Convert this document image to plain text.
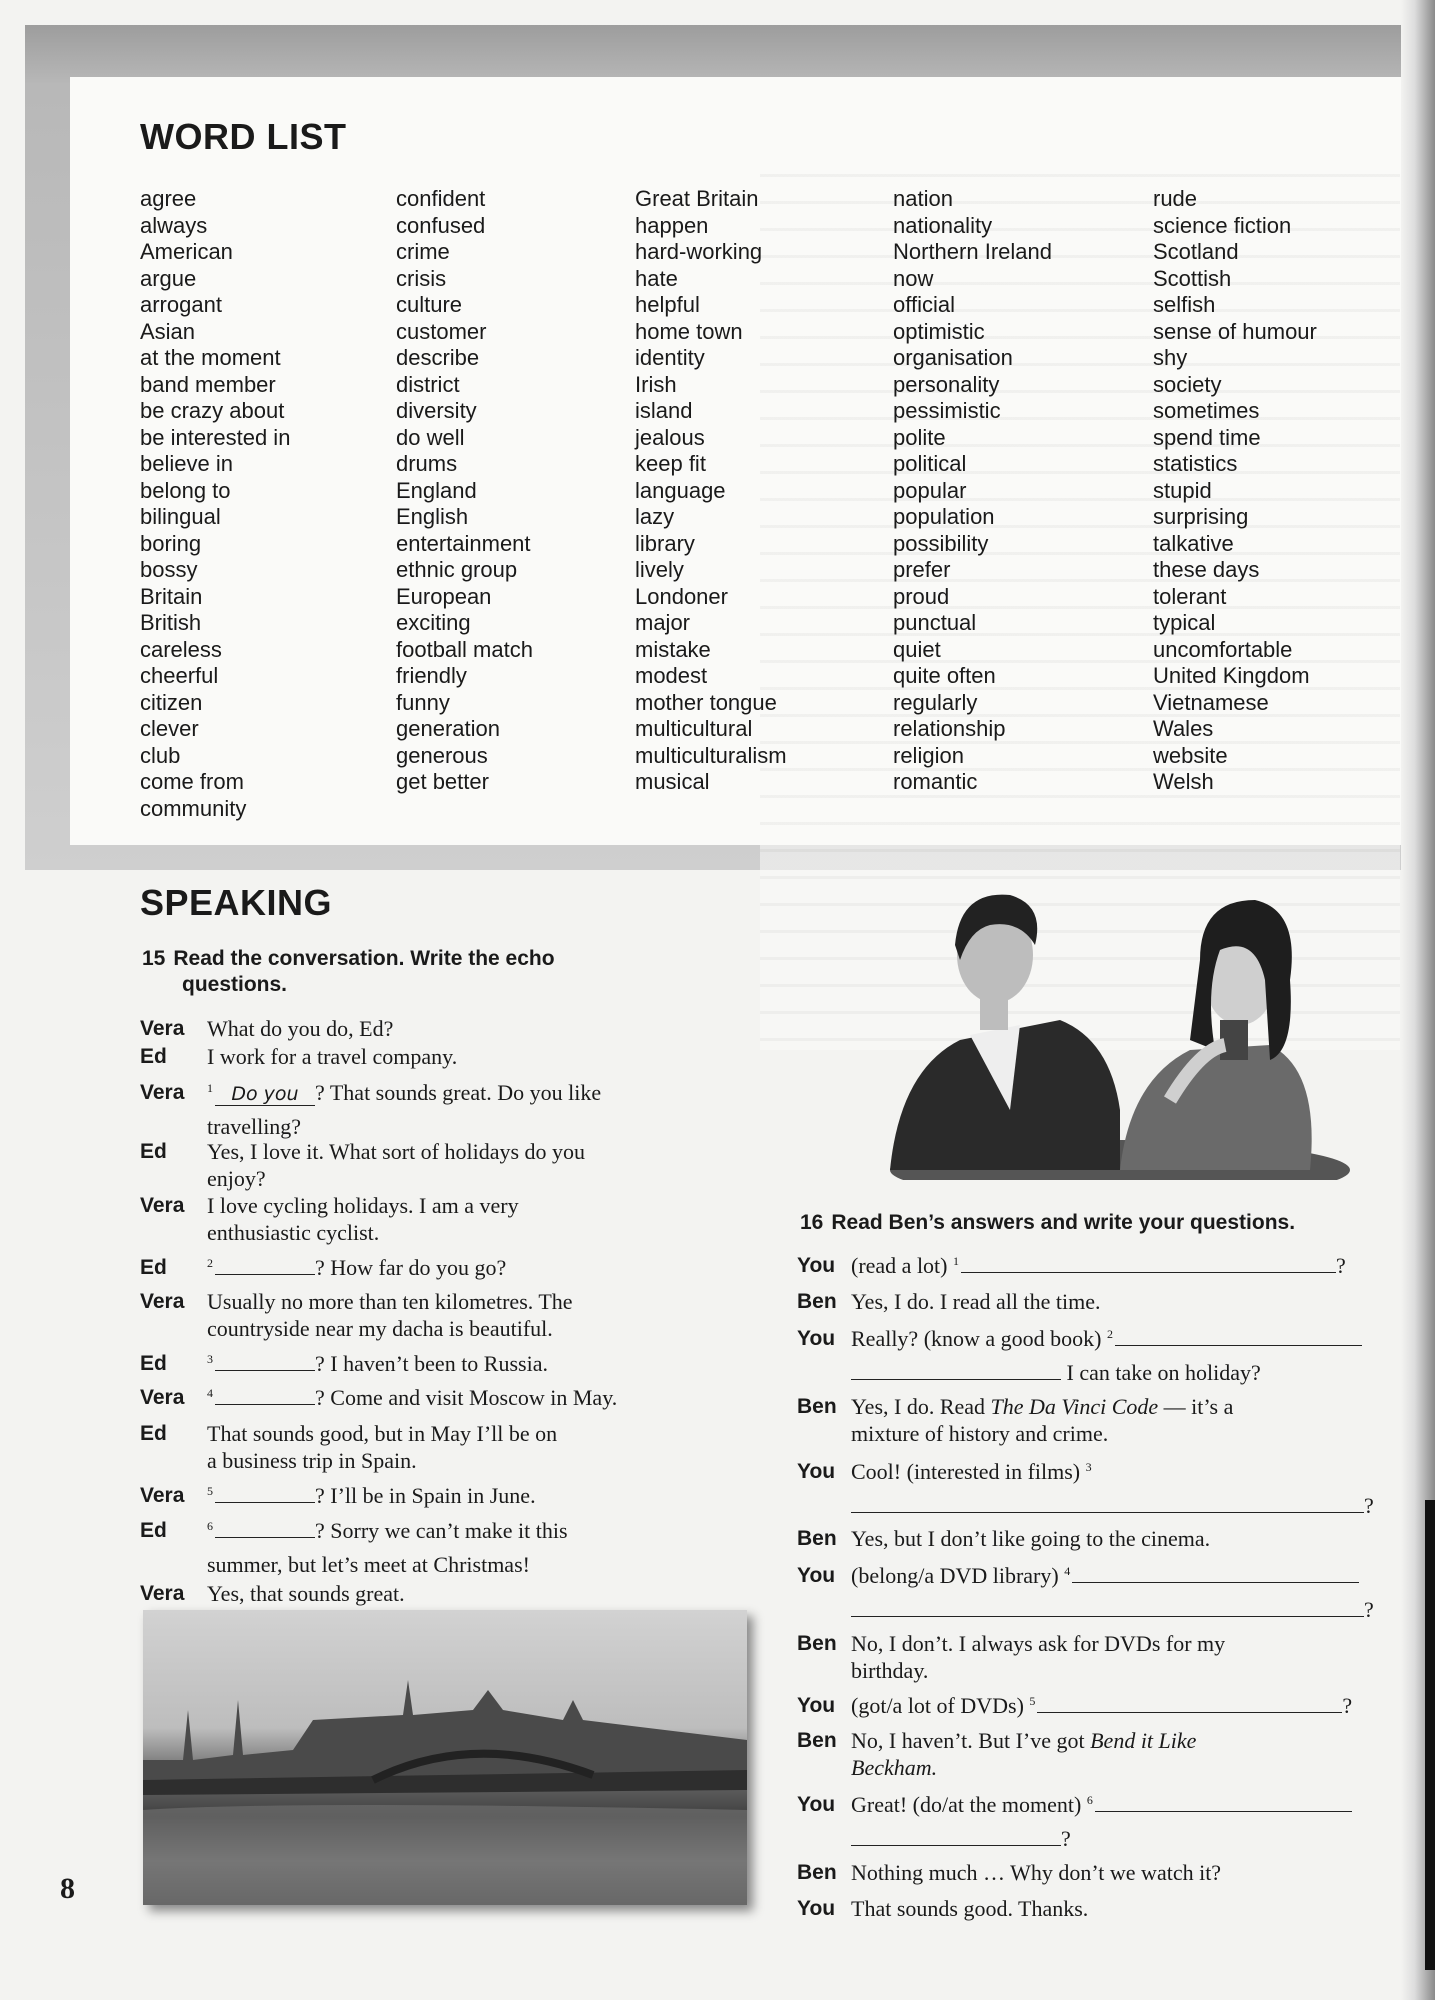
WORD LIST
agree
always
American
argue
arrogant
Asian
at the moment
band member
be crazy about
be interested in
believe in
belong to
bilingual
boring
bossy
Britain
British
careless
cheerful
citizen
clever
club
come from
community
confident
confused
crime
crisis
culture
customer
describe
district
diversity
do well
drums
England
English
entertainment
ethnic group
European
exciting
football match
friendly
funny
generation
generous
get better
Great Britain
happen
hard-working
hate
helpful
home town
identity
Irish
island
jealous
keep fit
language
lazy
library
lively
Londoner
major
mistake
modest
mother tongue
multicultural
multiculturalism
musical
nation
nationality
Northern Ireland
now
official
optimistic
organisation
personality
pessimistic
polite
political
popular
population
possibility
prefer
proud
punctual
quiet
quite often
regularly
relationship
religion
romantic
rude
science fiction
Scotland
Scottish
selfish
sense of humour
shy
society
sometimes
spend time
statistics
stupid
surprising
talkative
these days
tolerant
typical
uncomfortable
United Kingdom
Vietnamese
Wales
website
Welsh
SPEAKING
15 Read the conversation. Write the echo
questions.
Vera	What do you do, Ed?
Ed	I work for a travel company.
Vera	$^1$ Do you ? That sounds great. Do you like
travelling?
Ed	Yes, I love it. What sort of holidays do you
enjoy?
Vera	I love cycling holidays. I am a very
enthusiastic cyclist.
Ed	$^2$	? How far do you go?
Vera	Usually no more than ten kilometres. The
countryside near my dacha is beautiful.
Ed	$^3$	? I haven’t been to Russia.
Vera	$^4$	? Come and visit Moscow in May.
Ed	That sounds good, but in May I’ll be on
a business trip in Spain.
Vera	$^5$	? I’ll be in Spain in June.
Ed	$^6$	? Sorry we can’t make it this
summer, but let’s meet at Christmas!
Vera	Yes, that sounds great.
16 Read Ben’s answers and write your questions.
You (read a lot) $^1$	?
Ben Yes, I do. I read all the time.
You Really? (know a good book) $^2$
I can take on holiday?
Ben Yes, I do. Read The Da Vinci Code — it’s a
mixture of history and crime.
You Cool! (interested in films) $^3$
?
Ben Yes, but I don’t like going to the cinema.
You (belong/a DVD library) $^4$
?
Ben No, I don’t. I always ask for DVDs for my
birthday.
You (got/a lot of DVDs) $^5$	?
Ben No, I haven’t. But I’ve got Bend it Like
Beckham.
You Great! (do/at the moment) $^6$
?
Ben Nothing much … Why don’t we watch it?
You That sounds good. Thanks.
8
